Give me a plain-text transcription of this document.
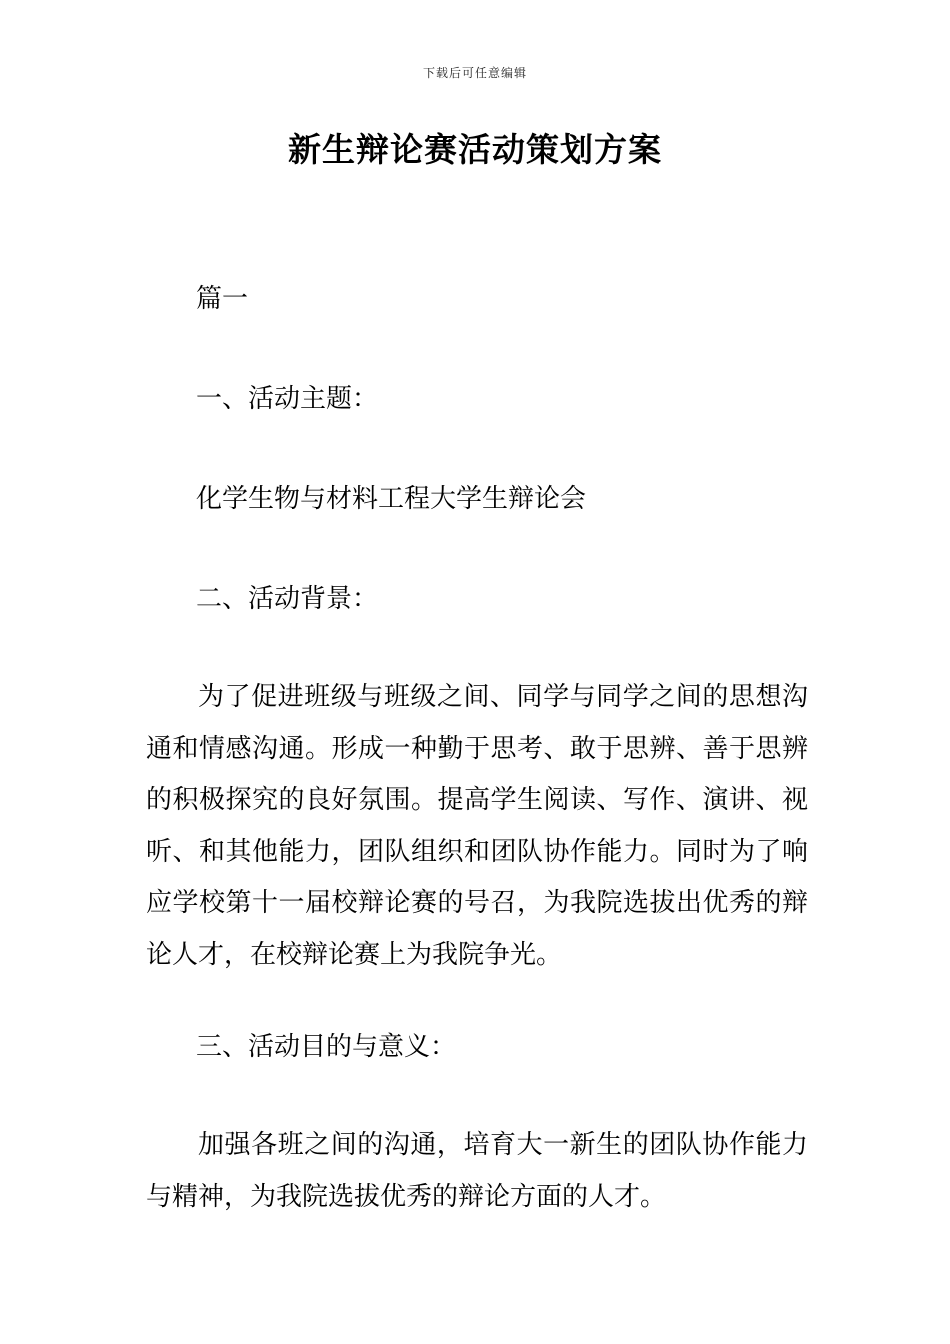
下载后可任意编辑
新生辩论赛活动策划方案

篇一

一、活动主题：

化学生物与材料工程大学生辩论会

二、活动背景：

为了促进班级与班级之间、同学与同学之间的思想沟通和情感沟通。形成一种勤于思考、敢于思辨、善于思辨的积极探究的良好氛围。提高学生阅读、写作、演讲、视听、和其他能力，团队组织和团队协作能力。同时为了响应学校第十一届校辩论赛的号召，为我院选拔出优秀的辩论人才，在校辩论赛上为我院争光。

三、活动目的与意义：

加强各班之间的沟通，培育大一新生的团队协作能力与精神，为我院选拔优秀的辩论方面的人才。
